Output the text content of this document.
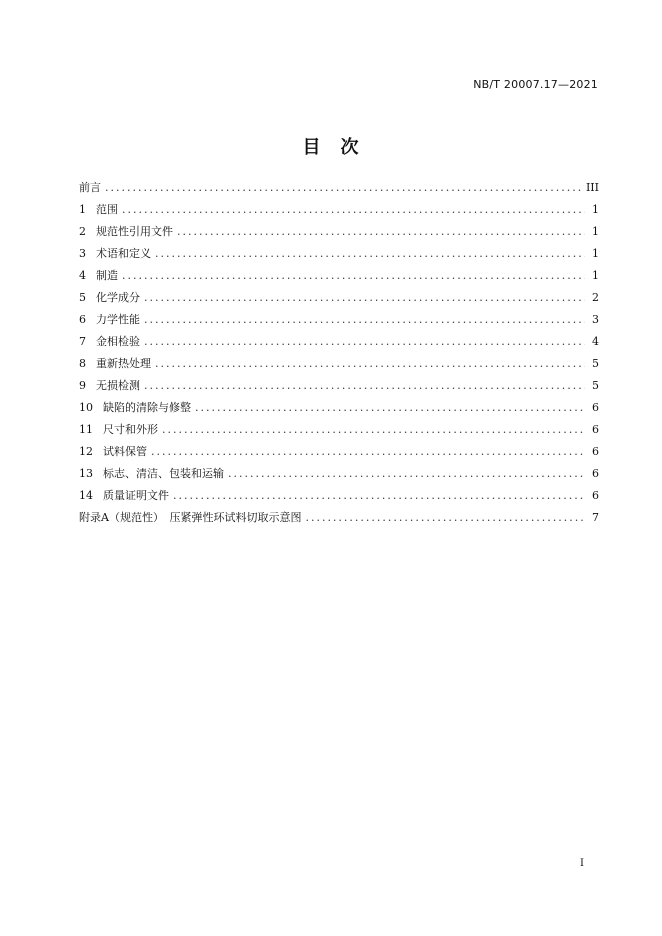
NB/T 20007.17—2021
目　次
前言 .....	III
1 范围 .....	1
2 规范性引用文件 .....	1
3 术语和定义 .....	1
4 制造 .....	1
5 化学成分 .....	2
6 力学性能 .....	3
7 金相检验 .....	4
8 重新热处理 .....	5
9 无损检测 .....	5
10 缺陷的清除与修整 .....	6
11 尺寸和外形 .....	6
12 试料保管 .....	6
13 标志、清洁、包装和运输 .....	6
14 质量证明文件 .....	6
附录A（规范性）　压紧弹性环试料切取示意图 .....	7
I
